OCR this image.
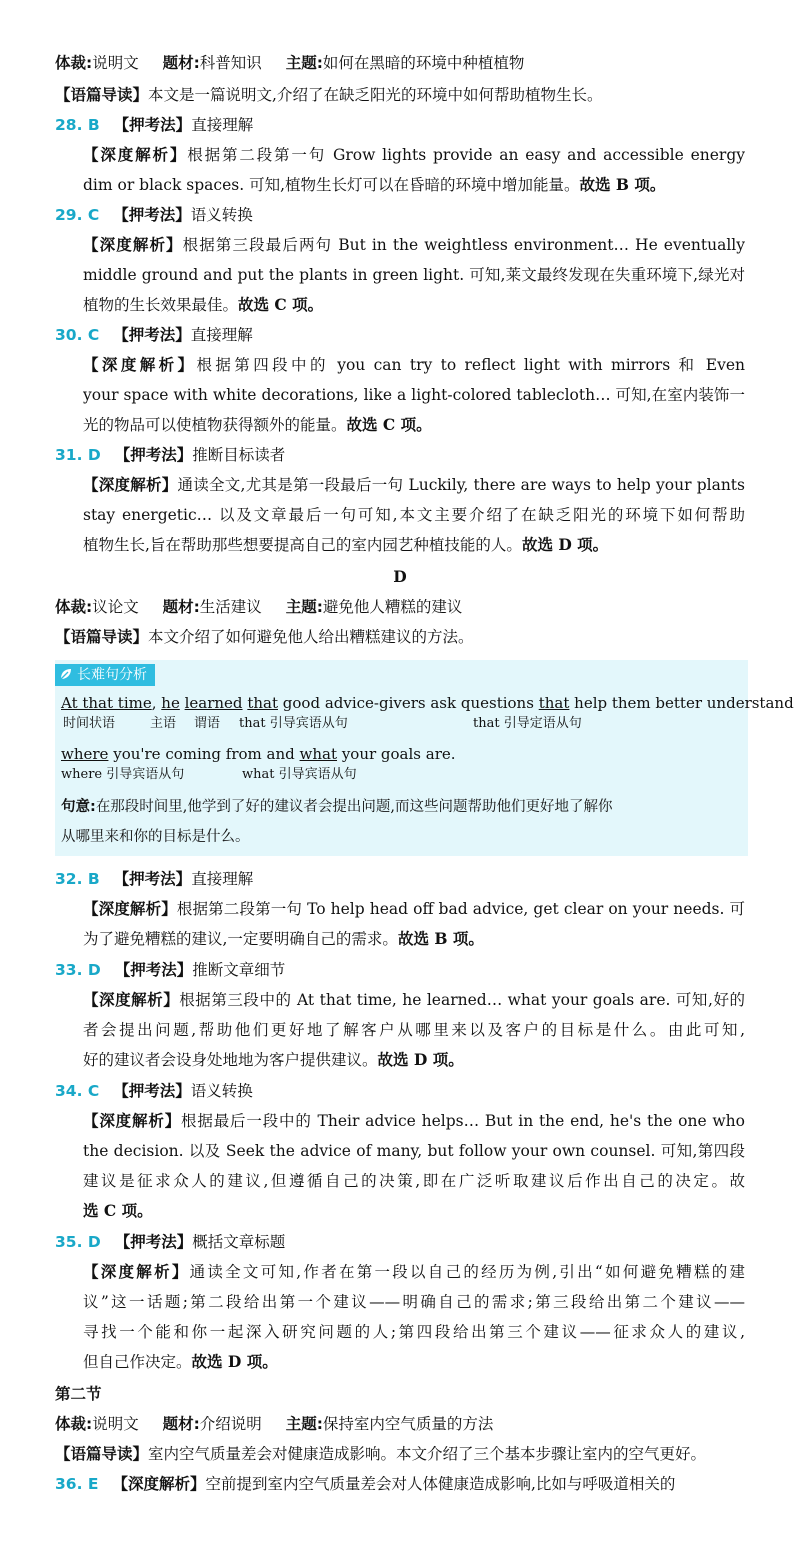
体裁:说明文 题材:科普知识 主题:如何在黑暗的环境中种植植物
【语篇导读】本文是一篇说明文,介绍了在缺乏阳光的环境中如何帮助植物生长。
28. B 【押考法】直接理解
【深度解析】根据第二段第一句 Grow lights provide an easy and accessible energy
dim or black spaces. 可知,植物生长灯可以在昏暗的环境中增加能量。故选 B 项。
29. C 【押考法】语义转换
【深度解析】根据第三段最后两句 But in the weightless environment… He eventually
middle ground and put the plants in green light. 可知,莱文最终发现在失重环境下,绿光对
植物的生长效果最佳。故选 C 项。
30. C 【押考法】直接理解
【深度解析】根据第四段中的 you can try to reflect light with mirrors 和 Even
your space with white decorations, like a light-colored tablecloth… 可知,在室内装饰一
光的物品可以使植物获得额外的能量。故选 C 项。
31. D 【押考法】推断目标读者
【深度解析】通读全文,尤其是第一段最后一句 Luckily, there are ways to help your plants
stay energetic… 以及文章最后一句可知,本文主要介绍了在缺乏阳光的环境下如何帮助
植物生长,旨在帮助那些想要提高自己的室内园艺种植技能的人。故选 D 项。
D
体裁:议论文 题材:生活建议 主题:避免他人糟糕的建议
【语篇导读】本文介绍了如何避免他人给出糟糕建议的方法。
长难句分析
At that time, he learned that good advice-givers ask questions that help them better understand
时间状语	主语 谓语 that 引导宾语从句	that 引导定语从句
where you're coming from and what your goals are.
where 引导宾语从句	what 引导宾语从句
句意:在那段时间里,他学到了好的建议者会提出问题,而这些问题帮助他们更好地了解你
从哪里来和你的目标是什么。
32. B 【押考法】直接理解
【深度解析】根据第二段第一句 To help head off bad advice, get clear on your needs. 可
为了避免糟糕的建议,一定要明确自己的需求。故选 B 项。
33. D 【押考法】推断文章细节
【深度解析】根据第三段中的 At that time, he learned… what your goals are. 可知,好的
者会提出问题,帮助他们更好地了解客户从哪里来以及客户的目标是什么。由此可知,
好的建议者会设身处地地为客户提供建议。故选 D 项。
34. C 【押考法】语义转换
【深度解析】根据最后一段中的 Their advice helps… But in the end, he's the one who
the decision. 以及 Seek the advice of many, but follow your own counsel. 可知,第四段
建议是征求众人的建议,但遵循自己的决策,即在广泛听取建议后作出自己的决定。故
选 C 项。
35. D 【押考法】概括文章标题
【深度解析】通读全文可知,作者在第一段以自己的经历为例,引出“如何避免糟糕的建
议”这一话题;第二段给出第一个建议——明确自己的需求;第三段给出第二个建议——
寻找一个能和你一起深入研究问题的人;第四段给出第三个建议——征求众人的建议,
但自己作决定。故选 D 项。
第二节
体裁:说明文 题材:介绍说明 主题:保持室内空气质量的方法
【语篇导读】室内空气质量差会对健康造成影响。本文介绍了三个基本步骤让室内的空气更好。
36. E 【深度解析】空前提到室内空气质量差会对人体健康造成影响,比如与呼吸道相关的
